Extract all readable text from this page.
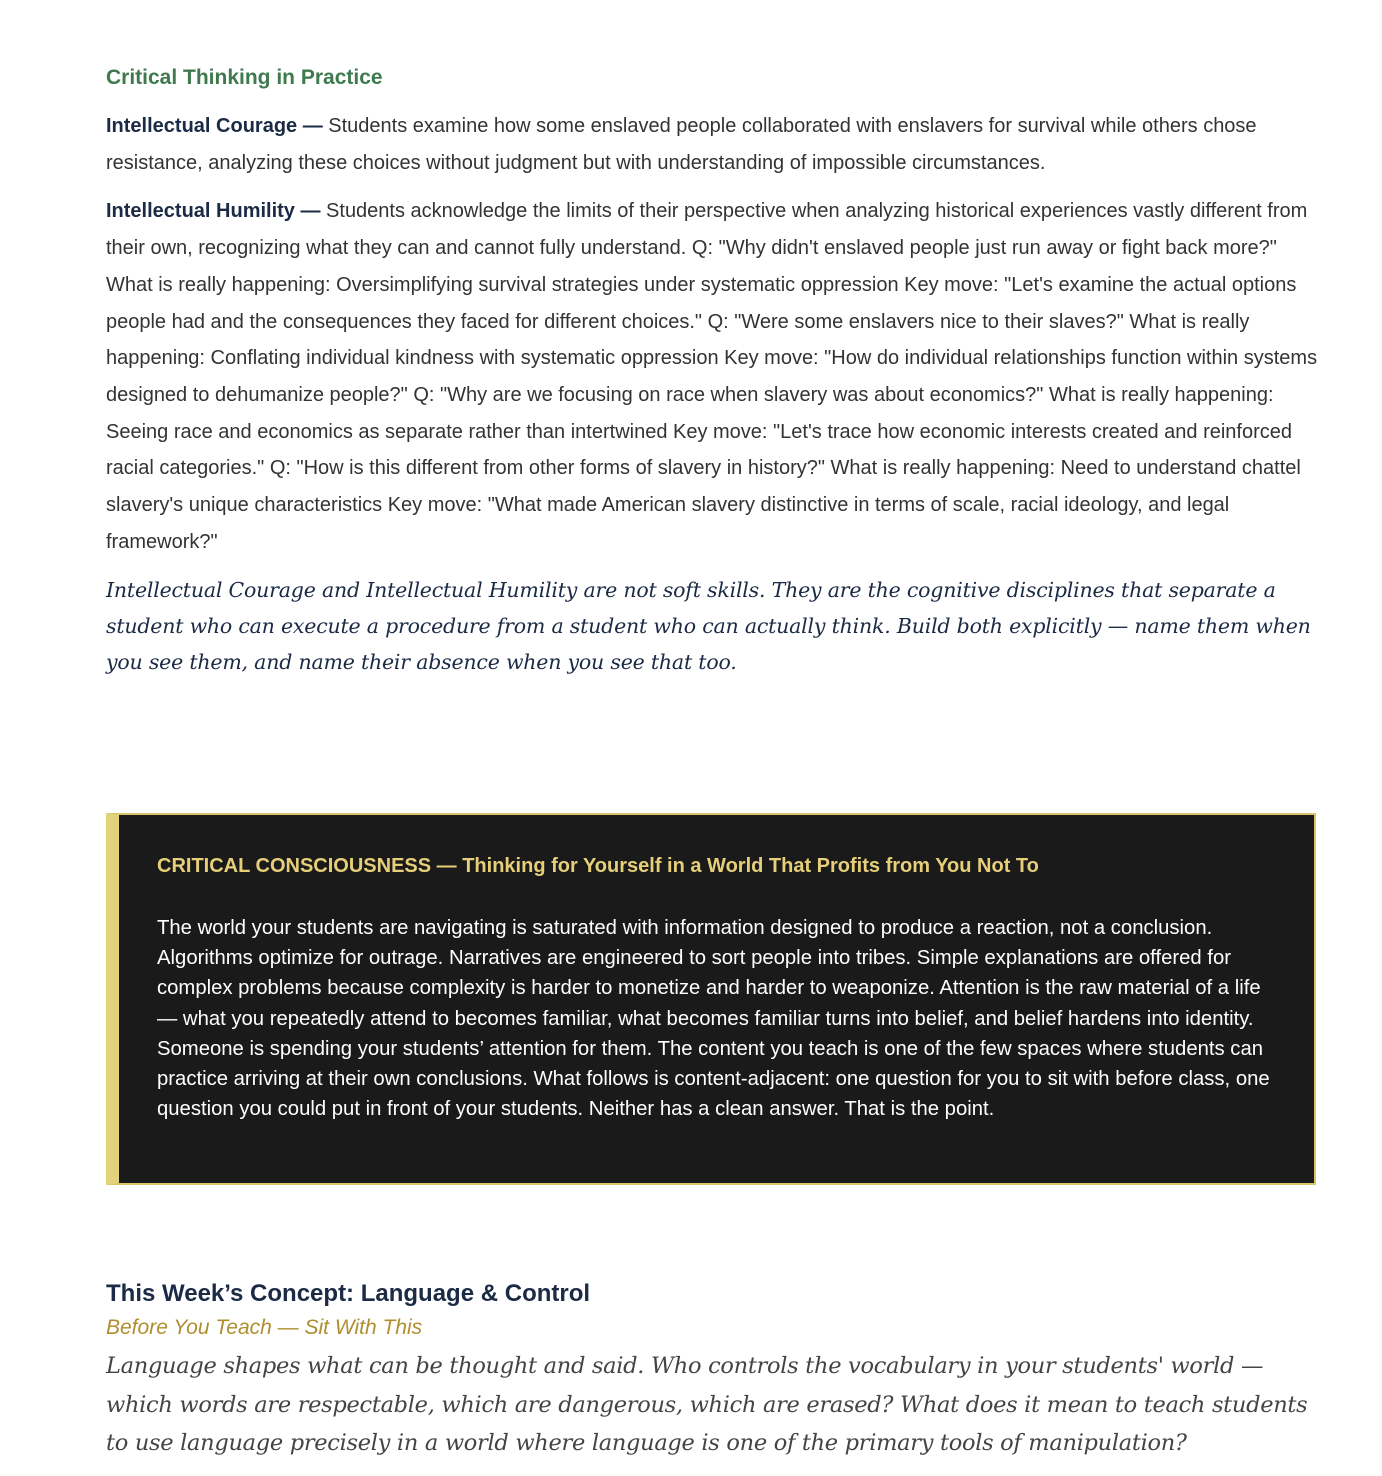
Critical Thinking in Practice

Intellectual Courage — Students examine how some enslaved people collaborated with enslavers for survival while others chose resistance, analyzing these choices without judgment but with understanding of impossible circumstances.

Intellectual Humility — Students acknowledge the limits of their perspective when analyzing historical experiences vastly different from their own, recognizing what they can and cannot fully understand. Q: "Why didn't enslaved people just run away or fight back more?" What is really happening: Oversimplifying survival strategies under systematic oppression Key move: "Let's examine the actual options people had and the consequences they faced for different choices." Q: "Were some enslavers nice to their slaves?" What is really happening: Conflating individual kindness with systematic oppression Key move: "How do individual relationships function within systems designed to dehumanize people?" Q: "Why are we focusing on race when slavery was about economics?" What is really happening: Seeing race and economics as separate rather than intertwined Key move: "Let's trace how economic interests created and reinforced racial categories." Q: "How is this different from other forms of slavery in history?" What is really happening: Need to understand chattel slavery's unique characteristics Key move: "What made American slavery distinctive in terms of scale, racial ideology, and legal framework?"

Intellectual Courage and Intellectual Humility are not soft skills. They are the cognitive disciplines that separate a student who can execute a procedure from a student who can actually think. Build both explicitly — name them when you see them, and name their absence when you see that too.

CRITICAL CONSCIOUSNESS — Thinking for Yourself in a World That Profits from You Not To

The world your students are navigating is saturated with information designed to produce a reaction, not a conclusion. Algorithms optimize for outrage. Narratives are engineered to sort people into tribes. Simple explanations are offered for complex problems because complexity is harder to monetize and harder to weaponize. Attention is the raw material of a life — what you repeatedly attend to becomes familiar, what becomes familiar turns into belief, and belief hardens into identity. Someone is spending your students’ attention for them. The content you teach is one of the few spaces where students can practice arriving at their own conclusions. What follows is content-adjacent: one question for you to sit with before class, one question you could put in front of your students. Neither has a clean answer. That is the point.

This Week’s Concept: Language & Control
Before You Teach — Sit With This

Language shapes what can be thought and said. Who controls the vocabulary in your students' world — which words are respectable, which are dangerous, which are erased? What does it mean to teach students to use language precisely in a world where language is one of the primary tools of manipulation?
